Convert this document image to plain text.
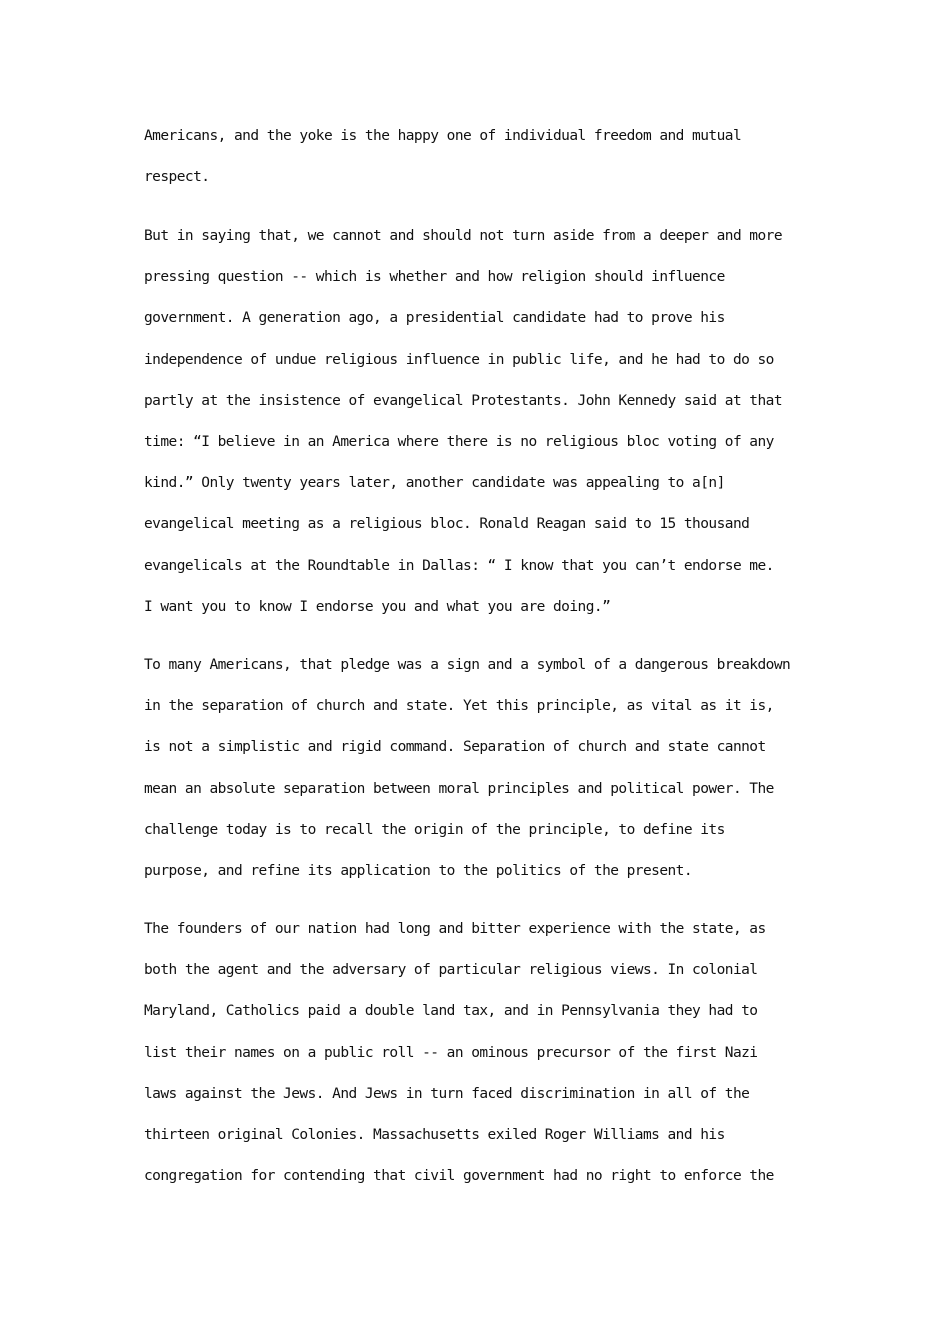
Americans, and the yoke is the happy one of individual freedom and mutual
respect.
But in saying that, we cannot and should not turn aside from a deeper and more
pressing question -- which is whether and how religion should influence
government. A generation ago, a presidential candidate had to prove his
independence of undue religious influence in public life, and he had to do so
partly at the insistence of evangelical Protestants. John Kennedy said at that
time: “I believe in an America where there is no religious bloc voting of any
kind.” Only twenty years later, another candidate was appealing to a[n]
evangelical meeting as a religious bloc. Ronald Reagan said to 15 thousand
evangelicals at the Roundtable in Dallas: “ I know that you can’t endorse me.
I want you to know I endorse you and what you are doing.”
To many Americans, that pledge was a sign and a symbol of a dangerous breakdown
in the separation of church and state. Yet this principle, as vital as it is,
is not a simplistic and rigid command. Separation of church and state cannot
mean an absolute separation between moral principles and political power. The
challenge today is to recall the origin of the principle, to define its
purpose, and refine its application to the politics of the present.
The founders of our nation had long and bitter experience with the state, as
both the agent and the adversary of particular religious views. In colonial
Maryland, Catholics paid a double land tax, and in Pennsylvania they had to
list their names on a public roll -- an ominous precursor of the first Nazi
laws against the Jews. And Jews in turn faced discrimination in all of the
thirteen original Colonies. Massachusetts exiled Roger Williams and his
congregation for contending that civil government had no right to enforce the
